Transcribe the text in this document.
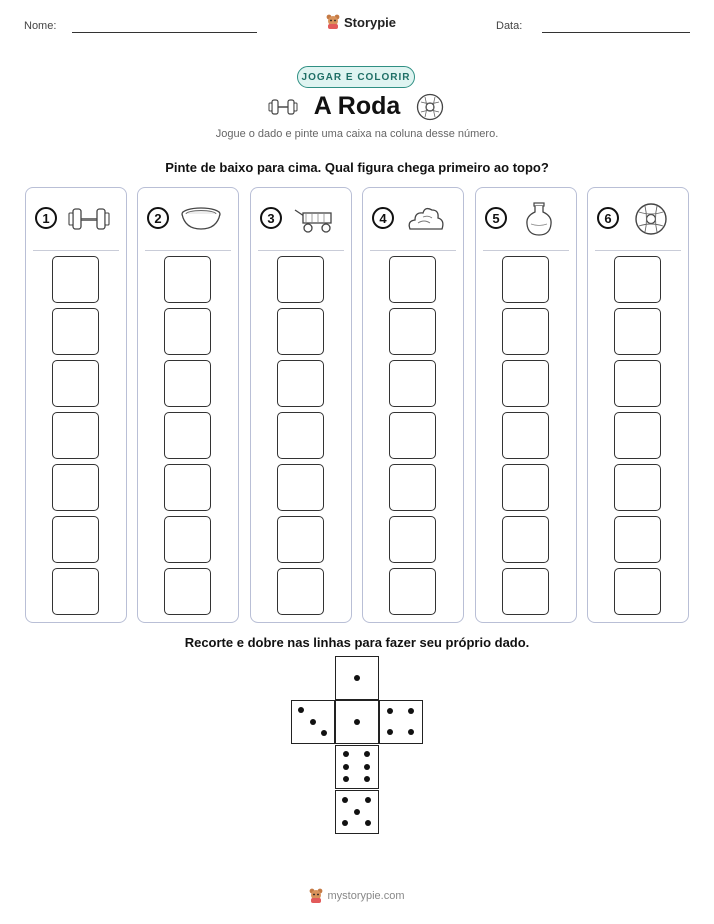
Nome:	Storypie	Data:
JOGAR E COLORIR
A Roda
Jogue o dado e pinte uma caixa na coluna desse número.
Pinte de baixo para cima. Qual figura chega primeiro ao topo?
1	2	3	4	5	6
Recorte e dobre nas linhas para fazer seu próprio dado.
mystorypie.com
